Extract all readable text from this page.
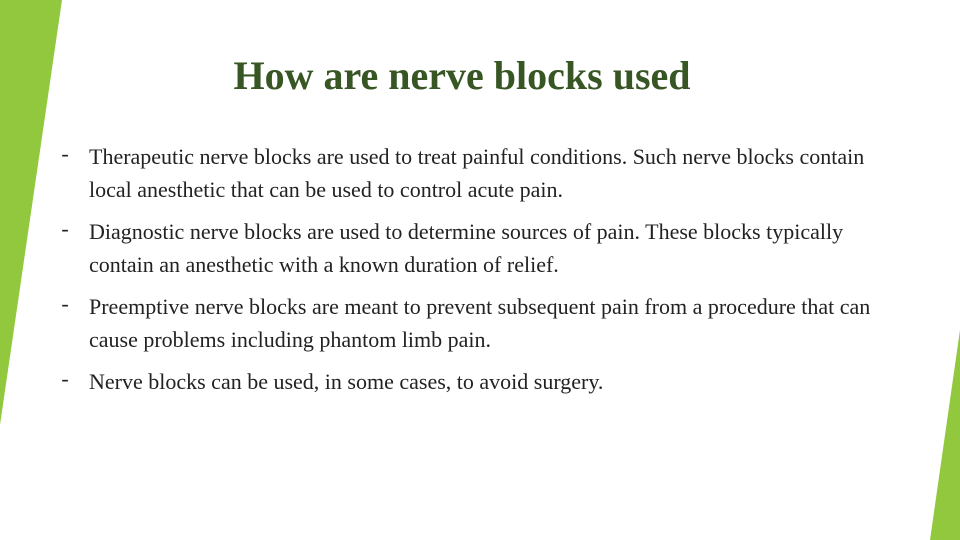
How are nerve blocks used
- Therapeutic nerve blocks are used to treat painful conditions. Such nerve blocks contain local anesthetic that can be used to control acute pain.
- Diagnostic nerve blocks are used to determine sources of pain. These blocks typically contain an anesthetic with a known duration of relief.
- Preemptive nerve blocks are meant to prevent subsequent pain from a procedure that can cause problems including phantom limb pain.
- Nerve blocks can be used, in some cases, to avoid surgery.
